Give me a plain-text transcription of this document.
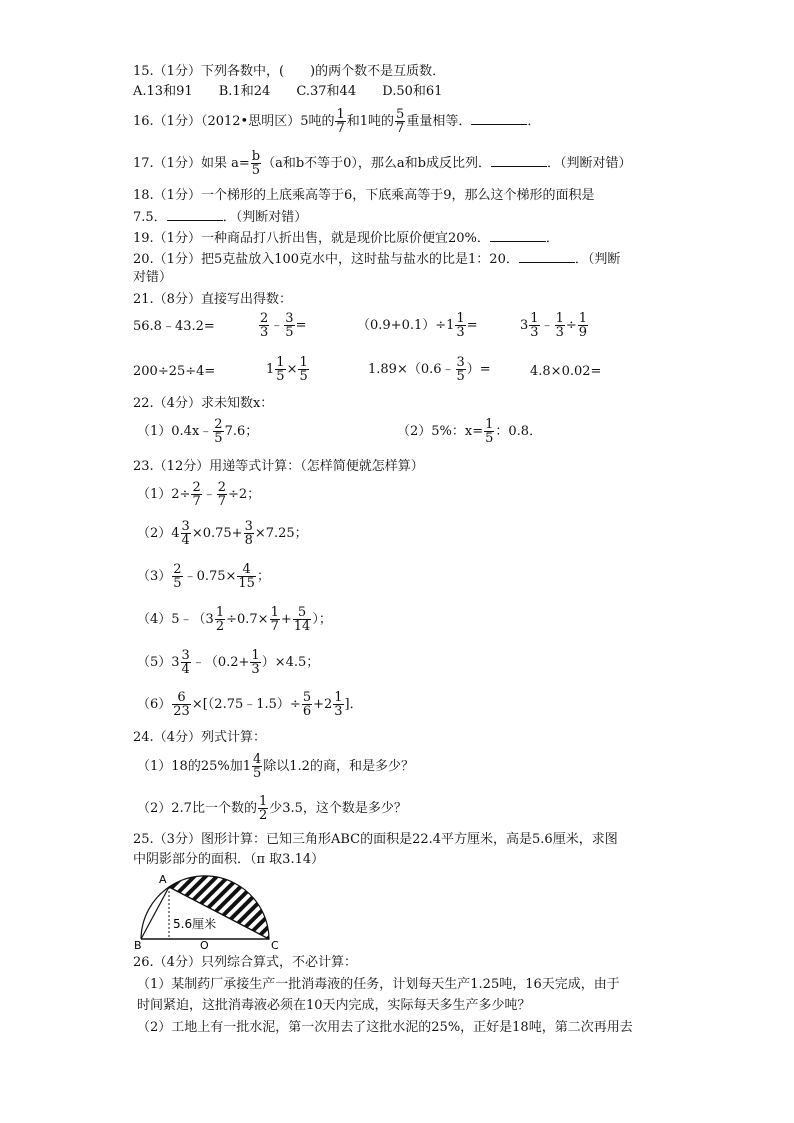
15.（1分）下列各数中，(　　)的两个数不是互质数．
A.13和91 B.1和24 C.37和44 D.50和61
16.（1分）（2012•思明区）5吨的 $\frac{1}{7}$ 和1吨的 $\frac{5}{7}$ 重量相等．	．
17.（1分）如果 $a= \frac{b}{5} (a$和b不等于0），那么a和b成反比列．	．（判断对错）
18.（1分）一个梯形的上底乘高等于6，下底乘高等于9，那么这个梯形的面积是
7.5．	．（判断对错）
19.（1分）一种商品打八折出售，就是现价比原价便宜20%．	．
20.（1分）把5克盐放入100克水中，这时盐与盐水的比是1：20．	．（判断
对错）
21.（8分）直接写出得数：
56.8﹣43.2=	$\frac{2}{3}$ ﹣ $\frac{3}{5}$ =	$(0.9+0.1)\div 1 \frac{1}{3}$ =	$3 \frac{1}{3}$ ﹣ $\frac{1}{3} \div \frac{1}{9}$
200÷25÷4=	$1 \frac{1}{5} \times \frac{1}{5}$	1.89×（0.6﹣ $\frac{3}{5}$ ）=	4.8×0.02=
22.（4分）求未知数x：
（1）0.4x﹣ $\frac{2}{5} 7.6$；	（2）5%：$x= \frac{1}{5}$ ：0.8．
23.（12分）用递等式计算：（怎样简便就怎样算）
$(1)2\div \frac{2}{7}$ ﹣ $\frac{2}{7} \div 2$；
$(2)4 \frac{3}{4} \times 0.75+ \frac{3}{8} \times 7.25$；
$(3) \frac{2}{5}$ ﹣0.75× $\frac{4}{15}$ ；
（4）5﹣（3 $\frac{1}{2} \div 0.7\times \frac{1}{7} + \frac{5}{14}$ ）；
$(5)3 \frac{3}{4}$ ﹣（0.2+ $\frac{1}{3} )\times 4.5$；
$(6) \frac{6}{23}$ ×[（2.75﹣1.5）÷ $\frac{5}{6} +2 \frac{1}{3}$ ]．
24.（4分）列式计算：
（1）18的25%加$1 \frac{4}{5}$ 除以1.2的商，和是多少？
（2）2.7比一个数的 $\frac{1}{2}$ 少3.5，这个数是多少？
25.（3分）图形计算：已知三角形ABC的面积是22.4平方厘米，高是5.6厘米，求图
中阴影部分的面积．（π 取3.14）
A
B	C
O
5.6厘米
26.（4分）只列综合算式，不必计算：
（1）某制药厂承接生产一批消毒液的任务，计划每天生产1.25吨，16天完成，由于
时间紧迫，这批消毒液必须在10天内完成，实际每天多生产多少吨？
（2）工地上有一批水泥，第一次用去了这批水泥的25%，正好是18吨，第二次再用去
